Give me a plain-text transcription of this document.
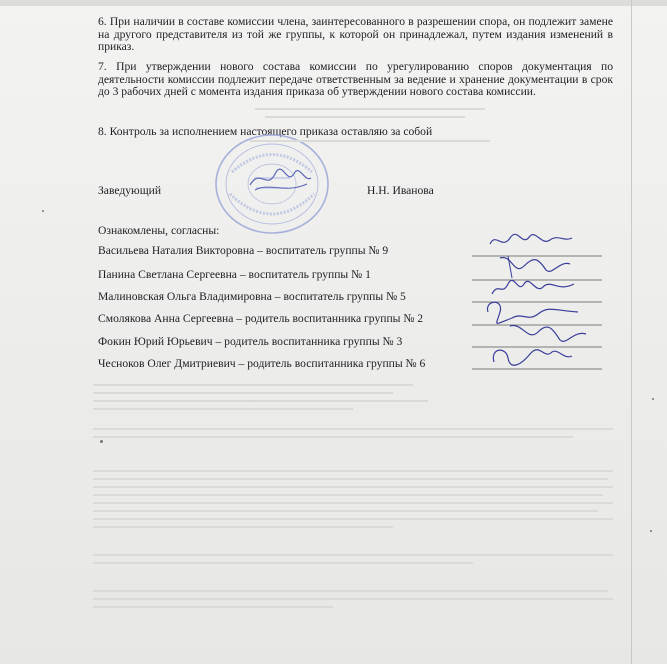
6. При наличии в составе комиссии члена, заинтересованного в разрешении спора, он подлежит замене на другого представителя из той же группы, к которой он принадлежал, путем издания изменений в приказ.

7. При утверждении нового состава комиссии по урегулированию споров документация по деятельности комиссии подлежит передаче ответственным за ведение и хранение документации в срок до 3 рабочих дней с момента издания приказа об утверждении нового состава комиссии.

8. Контроль за исполнением настоящего приказа оставляю за собой
Заведующий	Н.Н. Иванова
Ознакомлены, согласны:
Васильева Наталия Викторовна – воспитатель группы № 9
Панина Светлана Сергеевна – воспитатель группы № 1
Малиновская Ольга Владимировна – воспитатель группы № 5
Смолякова Анна Сергеевна – родитель воспитанника группы № 2
Фокин Юрий Юрьевич – родитель воспитанника группы № 3
Чесноков Олег Дмитриевич – родитель воспитанника группы № 6
